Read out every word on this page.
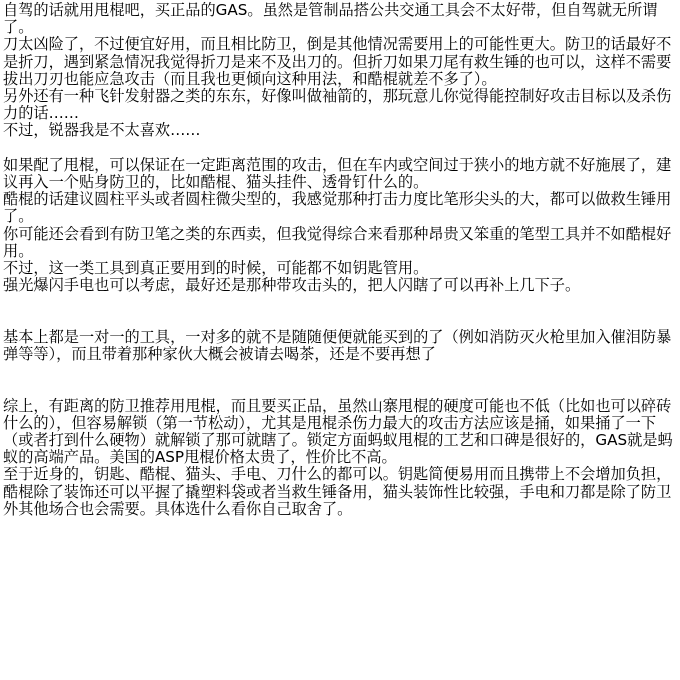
自驾的话就用甩棍吧，买正品的GAS。虽然是管制品搭公共交通工具会不太好带，但自驾就无所谓了。

刀太凶险了，不过便宜好用，而且相比防卫，倒是其他情况需要用上的可能性更大。防卫的话最好不是折刀，遇到紧急情况我觉得折刀是来不及出刀的。但折刀如果刀尾有救生锤的也可以，这样不需要拔出刀刃也能应急攻击（而且我也更倾向这种用法，和酷棍就差不多了）。

另外还有一种飞针发射器之类的东东，好像叫做袖箭的，那玩意儿你觉得能控制好攻击目标以及杀伤力的话……

不过，锐器我是不太喜欢……

如果配了甩棍，可以保证在一定距离范围的攻击，但在车内或空间过于狭小的地方就不好施展了，建议再入一个贴身防卫的，比如酷棍、猫头挂件、透骨钉什么的。

酷棍的话建议圆柱平头或者圆柱微尖型的，我感觉那种打击力度比笔形尖头的大，都可以做救生锤用了。

你可能还会看到有防卫笔之类的东西卖，但我觉得综合来看那种昂贵又笨重的笔型工具并不如酷棍好用。

不过，这一类工具到真正要用到的时候，可能都不如钥匙管用。

强光爆闪手电也可以考虑，最好还是那种带攻击头的，把人闪瞎了可以再补上几下子。

基本上都是一对一的工具，一对多的就不是随随便便就能买到的了（例如消防灭火枪里加入催泪防暴弹等等），而且带着那种家伙大概会被请去喝茶，还是不要再想了

综上，有距离的防卫推荐用甩棍，而且要买正品，虽然山寨甩棍的硬度可能也不低（比如也可以碎砖什么的），但容易解锁（第一节松动），尤其是甩棍杀伤力最大的攻击方法应该是捅，如果捅了一下（或者打到什么硬物）就解锁了那可就瞎了。锁定方面蚂蚁甩棍的工艺和口碑是很好的，GAS就是蚂蚁的高端产品。美国的ASP甩棍价格太贵了，性价比不高。

至于近身的，钥匙、酷棍、猫头、手电、刀什么的都可以。钥匙简便易用而且携带上不会增加负担，酷棍除了装饰还可以平握了撬塑料袋或者当救生锤备用，猫头装饰性比较强，手电和刀都是除了防卫外其他场合也会需要。具体选什么看你自己取舍了。
